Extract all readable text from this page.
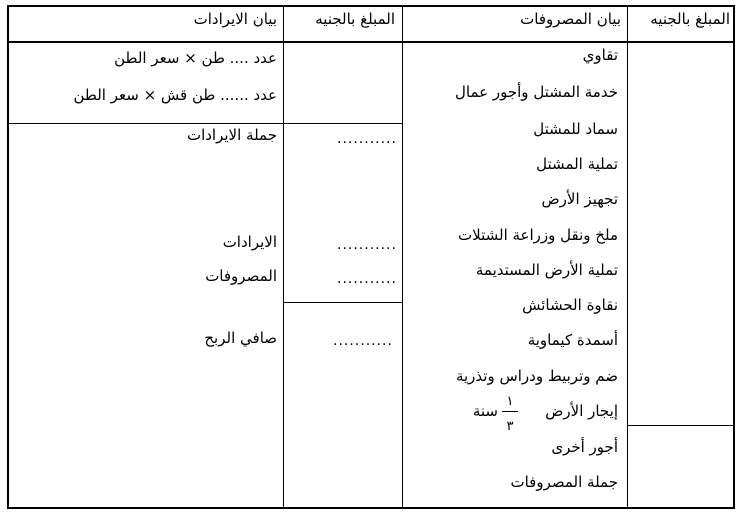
المبلغ بالجنيه
بيان المصروفات
المبلغ بالجنيه
بيان الايرادات
عدد .... طن × سعر الطن
عدد ...... طن قش × سعر الطن
جملة الايرادات
الايرادات
المصروفات
صافي الربح
...........
...........
...........
...........
تقاوي
خدمة المشتل وأجور عمال
سماد للمشتل
تملية المشتل
تجهيز الأرض
ملخ ونقل وزراعة الشتلات
تملية الأرض المستديمة
نقاوة الحشائش
أسمدة كيماوية
ضم وتربيط ودراس وتذرية
إيجار الأرض
١
٣
سنة
أجور أخرى
جملة المصروفات
